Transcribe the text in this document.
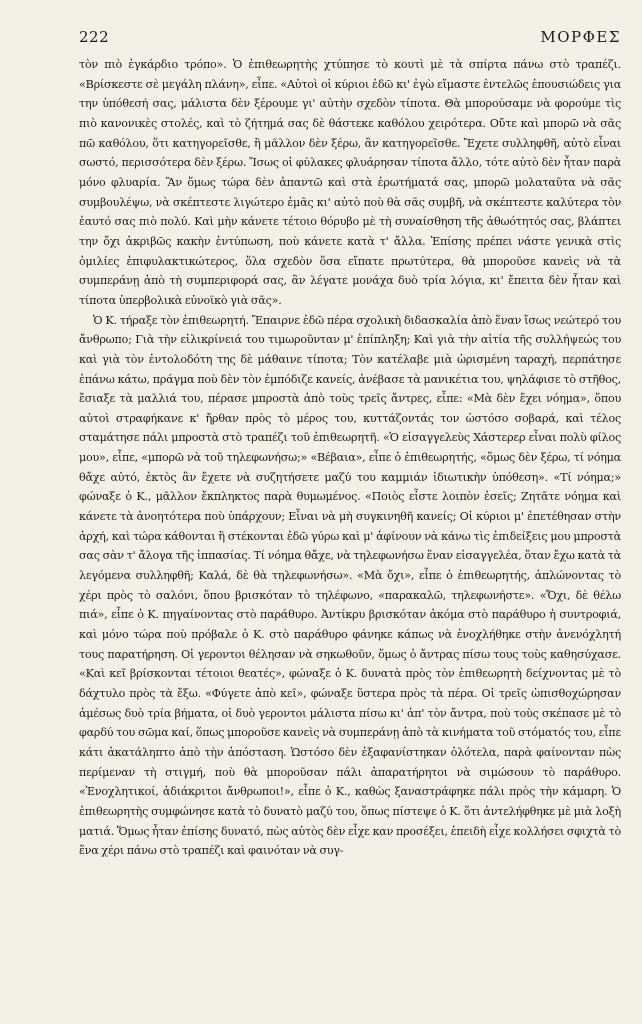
222	ΜΟΡΦΕΣ

τὸν πιὸ ἐγκάρδιο τρόπο». Ὁ ἐπιθεωρητὴς χτύπησε τὸ κουτὶ μὲ τὰ σπίρτα πάνω στὸ τραπέζι. «Βρίσκεστε σὲ μεγάλη πλάνη», εἶπε. «Αὐτοὶ οἱ κύριοι ἐδῶ κι' ἐγὼ εἴμαστε ἐντελῶς ἐπουσιώδεις για την ὑπόθεσή σας, μάλιστα δὲν ξέρουμε γι' αὐτὴν σχεδὸν τίποτα. Θὰ μπορούσαμε νὰ φορούμε τὶς πιὸ κανονικὲς στολές, καὶ τὸ ζήτημά σας δὲ θάστεκε καθόλου χειρότερα. Οὔτε καὶ μπορῶ νὰ σᾶς πῶ καθόλου, ὅτι κατηγορεῖσθε, ἢ μᾶλλον δὲν ξέρω, ἂν κατηγορεῖσθε. Ἔχετε συλληφθῆ, αὐτὸ εἶναι σωστό, περισσότερα δὲν ξέρω. Ἴσως οἱ φύλακες φλυάρησαν τίποτα ἄλλο, τότε αὐτὸ δὲν ἦταν παρὰ μόνο φλυαρία. Ἂν ὅμως τώρα δὲν ἀπαντῶ καὶ στὰ ἐρωτήματά σας, μπορῶ μολαταῦτα νὰ σᾶς συμβουλέψω, νὰ σκέπτεστε λιγώτερο ἐμᾶς κι' αὐτὸ ποὺ θὰ σᾶς συμβῆ, νὰ σκέπτεστε καλύτερα τὸν ἑαυτό σας πιὸ πολύ. Καὶ μὴν κάνετε τέτοιο θόρυβο μὲ τὴ συναίσθηση τῆς ἀθωότητός σας, βλάπτει την ὄχι ἀκριβῶς κακὴν ἐντύπωση, ποὺ κάνετε κατὰ τ' ἄλλα. Ἐπίσης πρέπει νάστε γενικὰ στὶς ὁμιλίες ἐπιφυλακτικώτερος, ὅλα σχεδὸν ὅσα εἴπατε πρωτύτερα, θὰ μποροῦσε κανεὶς νὰ τὰ συμπεράνῃ ἀπὸ τὴ συμπεριφορά σας, ἂν λέγατε μονάχα δυὸ τρία λόγια, κι' ἔπειτα δὲν ἦταν καὶ τίποτα ὑπερβολικὰ εὐνοϊκὸ γιὰ σᾶς».

Ὁ Κ. τήραξε τὸν ἐπιθεωρητή. Ἔπαιρνε ἐδῶ πέρα σχολικὴ διδασκαλία ἀπὸ ἕναν ἴσως νεώτερό του ἄνθρωπο; Γιὰ τὴν εἰλικρίνειά του τιμωροῦνταν μ' ἐπίπληξη; Καὶ γιὰ τὴν αἰτία τῆς συλλήψεώς του καὶ γιὰ τὸν ἐντολοδότη της δὲ μάθαινε τίποτα; Τὸν κατέλαβε μιὰ ὡρισμένη ταραχή, περπάτησε ἐπάνω κάτω, πράγμα ποὺ δὲν τὸν ἐμπόδιζε κανείς, ἀνέβασε τὰ μανικέτια του, ψηλάφισε τὸ στῆθος, ἔσιαξε τὰ μαλλιά του, πέρασε μπροστὰ ἀπὸ τοὺς τρεῖς ἄντρες, εἶπε: «Μὰ δὲν ἔχει νόημα», ὅπου αὐτοὶ στραφήκανε κ' ἤρθαν πρὸς τὸ μέρος του, κυττάζοντάς τον ὡστόσο σοβαρά, καὶ τέλος σταμάτησε πάλι μπροστὰ στὸ τραπέζι τοῦ ἐπιθεωρητῆ. «Ὁ εἰσαγγελεὺς Χάστερερ εἶναι πολὺ φίλος μου», εἶπε, «μπορῶ νὰ τοῦ τηλεφωνήσω;» «Βέβαια», εἶπε ὁ ἐπιθεωρητής, «ὅμως δὲν ξέρω, τί νόημα θἄχε αὐτό, ἐκτὸς ἂν ἔχετε νὰ συζητήσετε μαζύ του καμμιάν ἰδιωτικὴν ὑπόθεση». «Τί νόημα;» φώναξε ὁ Κ., μᾶλλον ἔκπληκτος παρὰ θυμωμένος. «Ποιὸς εἶστε λοιπὸν ἐσεῖς; Ζητᾶτε νόημα καὶ κάνετε τὰ ἀνοητότερα ποὺ ὑπάρχουν; Εἶναι νὰ μὴ συγκινηθῆ κανείς; Οἱ κύριοι μ' ἐπετέθησαν στὴν ἀρχή, καὶ τώρα κάθονται ἢ στέκονται ἐδῶ γύρω καὶ μ' ἀφίνουν νὰ κάνω τὶς ἐπιδείξεις μου μπροστὰ σας σὰν τ' ἄλογα τῆς ἱππασίας. Τί νόημα θἄχε, νὰ τηλεφωνήσω ἕναν εἰσαγγελέα, ὅταν ἔχω κατὰ τὰ λεγόμενα συλληφθῆ; Καλά, δὲ θὰ τηλεφωνήσω». «Μὰ ὄχι», εἶπε ὁ ἐπιθεωρητής, ἁπλώνοντας τὸ χέρι πρὸς τὸ σαλόνι, ὅπου βρισκόταν τὸ τηλέφωνο, «παρακαλῶ, τηλεφωνήστε». «Ὄχι, δὲ θέλω πιά», εἶπε ὁ Κ. πηγαίνοντας στὸ παράθυρο. Ἀντίκρυ βρισκόταν ἀκόμα στὸ παράθυρο ἡ συντροφιά, καὶ μόνο τώρα ποὺ πρόβαλε ὁ Κ. στὸ παράθυρο φάνηκε κάπως νὰ ἐνοχλήθηκε στὴν ἀνενόχλητή τους παρατήρηση. Οἱ γεροντοι θέλησαν νὰ σηκωθοῦν, ὅμως ὁ ἄντρας πίσω τους τοὺς καθησύχασε. «Καὶ κεῖ βρίσκονται τέτοιοι θεατές», φώναξε ὁ Κ. δυνατὰ πρὸς τὸν ἐπιθεωρητὴ δείχνοντας μὲ τὸ δάχτυλο πρὸς τὰ ἔξω. «Φύγετε ἀπὸ κεῖ», φώναξε ὕστερα πρὸς τὰ πέρα. Οἱ τρεῖς ὡπισθοχώρησαν ἀμέσως δυὸ τρία βήματα, οἱ δυὸ γεροντοι μάλιστα πίσω κι' ἀπ' τὸν ἄντρα, ποὺ τοὺς σκέπασε μὲ τὸ φαρδύ του σῶμα καί, ὅπως μποροῦσε κανεὶς νὰ συμπεράνῃ ἀπὸ τὰ κινήματα τοῦ στόματός του, εἶπε κάτι ἀκατάληπτο ἀπὸ τὴν ἀπόσταση. Ὡστόσο δὲν ἐξαφανίστηκαν ὁλότελα, παρὰ φαίνονταν πὼς περίμεναν τὴ στιγμή, ποὺ θὰ μποροῦσαν πάλι ἀπαρατήρητοι νὰ σιμώσουν τὸ παράθυρο. «Ἐνοχλητικοί, ἀδιάκριτοι ἄνθρωποι!», εἶπε ὁ Κ., καθὼς ξαναστράφηκε πάλι πρὸς τὴν κάμαρη. Ὁ ἐπιθεωρητὴς συμφώνησε κατὰ τὸ δυνατὸ μαζύ του, ὅπως πίστεψε ὁ Κ. ὅτι ἀντελήφθηκε μὲ μιὰ λοξὴ ματιά. Ὅμως ἦταν ἐπίσης δυνατό, πὼς αὐτὸς δὲν εἶχε καν προσέξει, ἐπειδὴ εἶχε κολλήσει σφιχτὰ τὸ ἕνα χέρι πάνω στὸ τραπέζι καὶ φαινόταν νὰ συγ-
